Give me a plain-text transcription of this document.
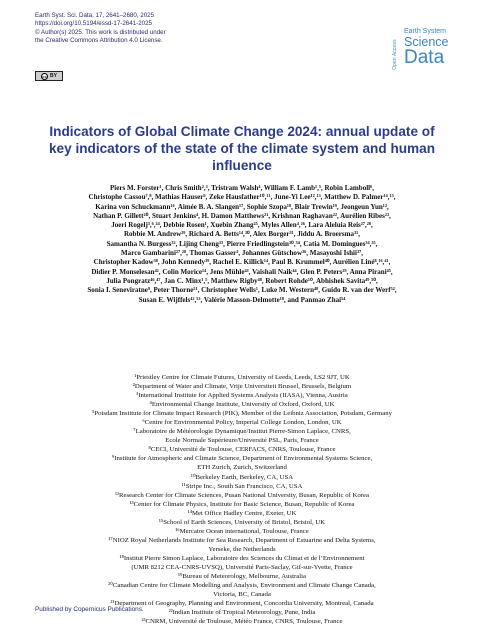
Earth Syst. Sci. Data, 17, 2641–2680, 2025
https://doi.org/10.5194/essd-17-2641-2025
© Author(s) 2025. This work is distributed under
the Creative Commons Attribution 4.0 License.
cc BY
Open Access
Earth System
Science
Data
Indicators of Global Climate Change 2024: annual update of key indicators of the state of the climate system and human influence
Piers M. Forster¹, Chris Smith²,³, Tristram Walsh⁴, William F. Lamb¹,⁵, Robin Lamboll⁶,
Christophe Cassou⁷,⁸, Mathias Hauser⁹, Zeke Hausfather¹⁰,¹¹, June-Yi Lee¹²,¹³, Matthew D. Palmer¹⁴,¹⁵,
Karina von Schuckmann¹⁶, Aimée B. A. Slangen¹⁷, Sophie Szopa¹⁸, Blair Trewin¹⁹, Jeongeun Yun¹²,
Nathan P. Gillett²⁰, Stuart Jenkins⁴, H. Damon Matthews²¹, Krishnan Raghavan²², Aurélien Ribes²³,
Joeri Rogelj³,⁶,²⁴, Debbie Rosen¹, Xuebin Zhang²⁵, Myles Allen⁴,²⁶, Lara Aleluia Reis²⁷,²⁸,
Robbie M. Andrew²⁹, Richard A. Betts¹⁴,³⁰, Alex Borger³¹, Jiddu A. Broersma³¹,
Samantha N. Burgess³², Lijing Cheng³³, Pierre Friedlingstein³⁰,³⁴, Catia M. Domingues³⁴,³⁵,
Marco Gambarini²⁷,²⁸, Thomas Gasser³, Johannes Gütschow³⁶, Masayoshi Ishii³⁷,
Christopher Kadow³⁸, John Kennedy³⁹, Rachel E. Killick¹⁴, Paul B. Krummel⁴⁰, Aurélien Liné⁸,¹⁶,⁴¹,
Didier P. Monselesan⁴², Colin Morice¹⁴, Jens Mühle⁴³, Vaishali Naik⁴⁴, Glen P. Peters²⁹, Anna Pirani⁴⁵,
Julia Pongratz⁴⁶,⁴⁷, Jan C. Minx¹,⁵, Matthew Rigby⁴⁸, Robert Rohde¹⁰, Abhishek Savita⁴⁹,⁵⁰,
Sonia I. Seneviratne⁹, Peter Thorne⁵¹, Christopher Wells¹, Luke M. Western⁴⁸, Guido R. van der Werf⁵²,
Susan E. Wijffels⁴²,⁵³, Valérie Masson-Delmotte¹⁸, and Panmao Zhai⁵⁴
¹Priestley Centre for Climate Futures, University of Leeds, Leeds, LS2 9JT, UK
²Department of Water and Climate, Vrije Universiteit Brussel, Brussels, Belgium
³International Institute for Applied Systems Analysis (IIASA), Vienna, Austria
⁴Environmental Change Institute, University of Oxford, Oxford, UK
⁵Potsdam Institute for Climate Impact Research (PIK), Member of the Leibniz Association, Potsdam, Germany
⁶Centre for Environmental Policy, Imperial College London, London, UK
⁷Laboratoire de Météorologie Dynamique/Institut Pierre-Simon Laplace, CNRS,
Ecole Normale Supérieure/Université PSL, Paris, France
⁸CECI, Université de Toulouse, CERFACS, CNRS, Toulouse, France
⁹Institute for Atmospheric and Climate Science, Department of Environmental Systems Science,
ETH Zurich, Zurich, Switzerland
¹⁰Berkeley Earth, Berkeley, CA, USA
¹¹Stripe Inc., South San Francisco, CA, USA
¹²Research Center for Climate Sciences, Pusan National University, Busan, Republic of Korea
¹³Center for Climate Physics, Institute for Basic Science, Busan, Republic of Korea
¹⁴Met Office Hadley Centre, Exeter, UK
¹⁵School of Earth Sciences, University of Bristol, Bristol, UK
¹⁶Mercator Ocean international, Toulouse, France
¹⁷NIOZ Royal Netherlands Institute for Sea Research, Department of Estuarine and Delta Systems,
Yerseke, the Netherlands
¹⁸Institut Pierre Simon Laplace, Laboratoire des Sciences du Climat et de l’Environnement
(UMR 8212 CEA-CNRS-UVSQ), Université Paris-Saclay, Gif-sur-Yvette, France
¹⁹Bureau of Meteorology, Melbourne, Australia
²⁰Canadian Centre for Climate Modelling and Analysis, Environment and Climate Change Canada,
Victoria, BC, Canada
²¹Department of Geography, Planning and Environment, Concordia University, Montreal, Canada
²²Indian Institute of Tropical Meteorology, Pune, India
²³CNRM, Université de Toulouse, Météo France, CNRS, Toulouse, France
Published by Copernicus Publications.
